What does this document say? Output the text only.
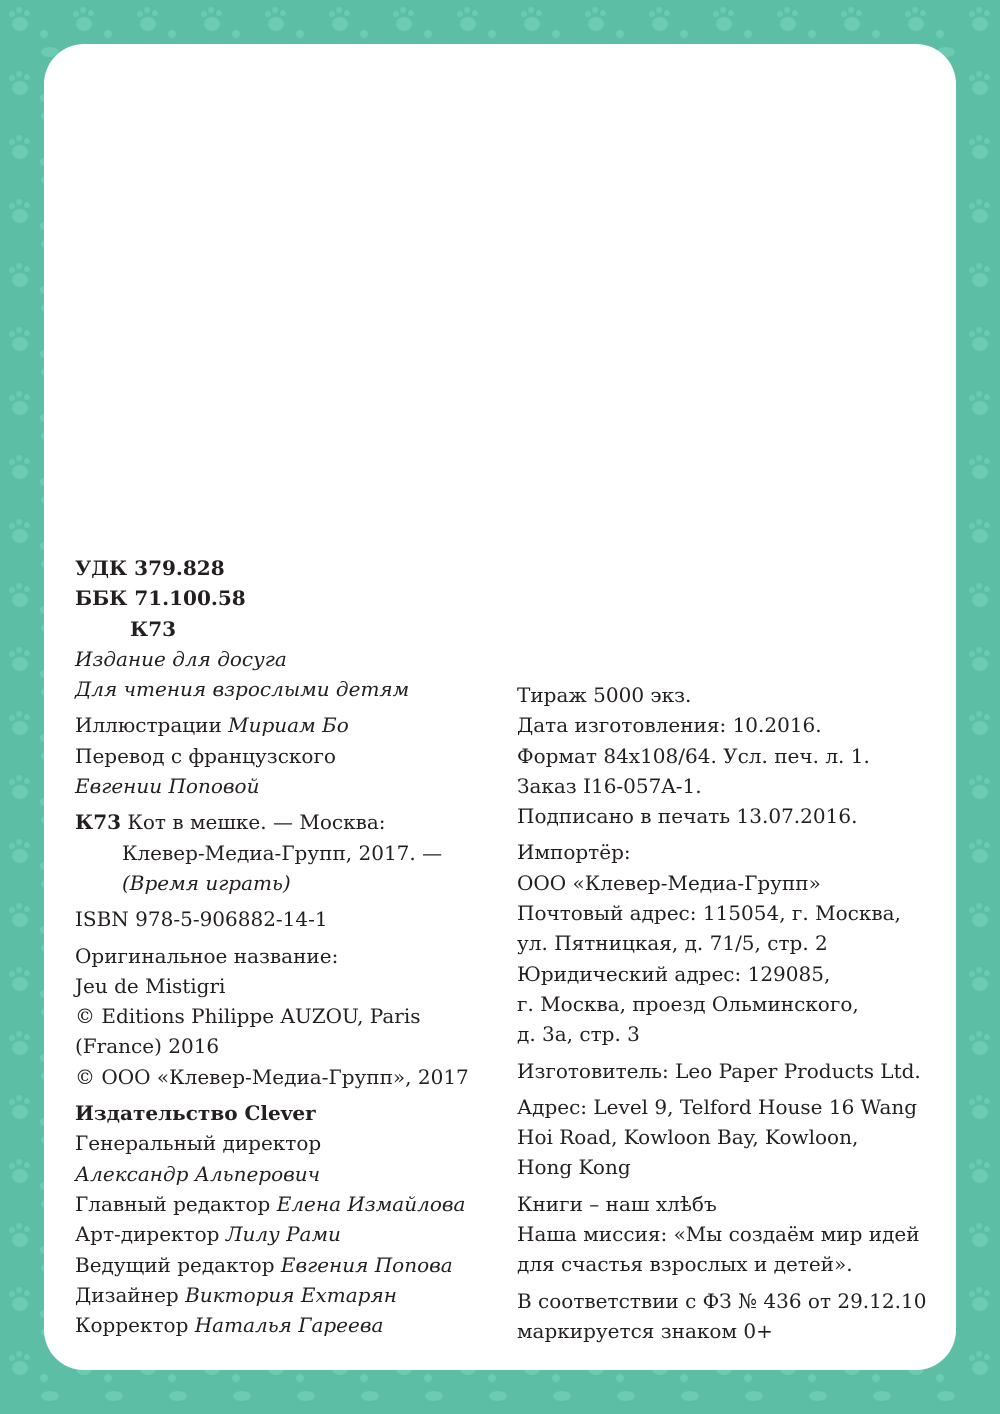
УДК 379.828
ББК 71.100.58
К73
Издание для досуга
Для чтения взрослыми детям
Иллюстрации Мириам Бо
Перевод с французского
Евгении Поповой
К73 Кот в мешке. — Москва:
Клевер-Медиа-Групп, 2017. —
(Время играть)
ISBN 978-5-906882-14-1
Оригинальное название:
Jeu de Mistigri
© Editions Philippe AUZOU, Paris
(France) 2016
© ООО «Клевер-Медиа-Групп», 2017
Издательство Clever
Генеральный директор
Александр Альперович
Главный редактор Елена Измайлова
Арт-директор Лилу Рами
Ведущий редактор Евгения Попова
Дизайнер Виктория Ехтарян
Корректор Наталья Гареева
Тираж 5000 экз.
Дата изготовления: 10.2016.
Формат 84х108/64. Усл. печ. л. 1.
Заказ I16-057A-1.
Подписано в печать 13.07.2016.
Импортёр:
ООО «Клевер-Медиа-Групп»
Почтовый адрес: 115054, г. Москва,
ул. Пятницкая, д. 71/5, стр. 2
Юридический адрес: 129085,
г. Москва, проезд Ольминского,
д. 3а, стр. 3
Изготовитель: Leo Paper Products Ltd.
Адрес: Level 9, Telford House 16 Wang
Hoi Road, Kowloon Bay, Kowloon,
Hong Kong
Книги – наш хлѣбъ
Наша миссия: «Мы создаём мир идей
для счастья взрослых и детей».
В соответствии с ФЗ № 436 от 29.12.10
маркируется знаком 0+
